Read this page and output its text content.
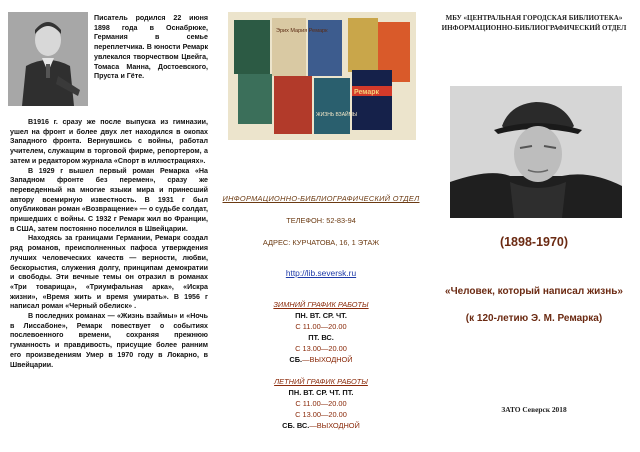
Писатель родился 22 июня 1898 года в Оснабрюке, Германия в семье переплетчика. В юности Ремарк увлекался творчеством Цвейга, Томаса Манна, Достоевского, Пруста и Гёте.

В1916 г. сразу же после выпуска из гимназии, ушел на фронт и более двух лет находился в окопах Западного фронта. Вернувшись с войны, работал учителем, служащим в торговой фирме, репортером, а затем и редактором журнала «Спорт в иллюстрациях».

В 1929 г вышел первый роман Ремарка «На Западном фронте без перемен», сразу же переведенный на многие языки мира и принесший автору всемирную известность. В 1931 г был опубликован роман «Возвращение» — о судьбе солдат, пришедших с войны. С 1932 г Ремарк жил во Франции, в США, затем постоянно поселился в Швейцарии.

Находясь за границами Германии, Ремарк создал ряд романов, преисполненных пафоса утверждения лучших человеческих качеств — верности, любви, бескорыстия, служения долгу, принципам демократии и свободы. Эти вечные темы он отразил в романах «Три товарища», «Триумфальная арка», «Искра жизни», «Время жить и время умирать». В 1956 г написал роман «Черный обелиск» .

В последних романах — «Жизнь взаймы» и «Ночь в Лиссабоне», Ремарк повествует о событиях послевоенного времени, сохраняя прежнюю гуманность и правдивость, присущие более ранним его произведениям Умер в 1970 году в Локарно, в Швейцарии.

Эрих Мария Ремарк
Ремарк
ЖИЗНЬ ВЗАЙМЫ
ИНФОРМАЦИОННО-БИБЛИОГРАФИЧЕСКИЙ ОТДЕЛ
ТЕЛЕФОН: 52-83-94
АДРЕС: КУРЧАТОВА, 16, 1 ЭТАЖ
http://lib.seversk.ru
ЗИМНИЙ ГРАФИК РАБОТЫ
ПН. ВТ. СР. ЧТ.
С 11.00—20.00
ПТ. ВС.
С 13.00—20.00
СБ.—ВЫХОДНОЙ
ЛЕТНИЙ ГРАФИК РАБОТЫ
ПН. ВТ. СР. ЧТ. ПТ.
С 11.00—20.00
С 13.00—20.00
СБ. ВС.—ВЫХОДНОЙ
МБУ «ЦЕНТРАЛЬНАЯ ГОРОДСКАЯ БИБЛИОТЕКА»
ИНФОРМАЦИОННО-БИБЛИОГРАФИЧЕСКИЙ ОТДЕЛ
(1898-1970)
«Человек, который написал жизнь»
(к 120-летию Э. М. Ремарка)
ЗАТО Северск 2018
